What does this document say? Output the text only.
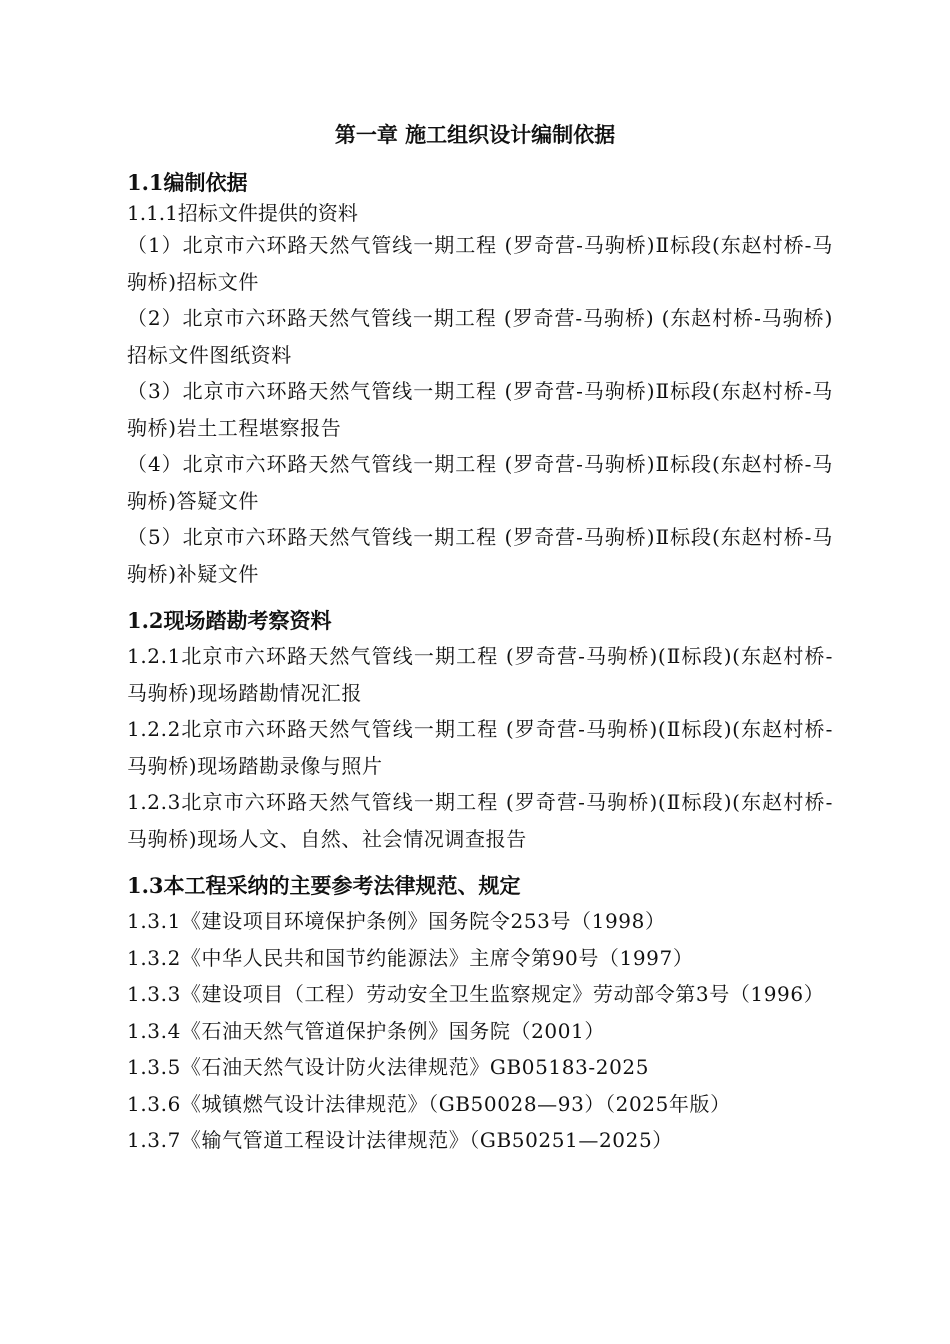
第一章 施工组织设计编制依据

1.1编制依据

1.1.1招标文件提供的资料

（1）北京市六环路天然气管线一期工程 (罗奇营-马驹桥)Ⅱ标段(东赵村桥-马驹桥)招标文件

（2）北京市六环路天然气管线一期工程 (罗奇营-马驹桥) (东赵村桥-马驹桥)招标文件图纸资料

（3）北京市六环路天然气管线一期工程 (罗奇营-马驹桥)Ⅱ标段(东赵村桥-马驹桥)岩土工程堪察报告

（4）北京市六环路天然气管线一期工程 (罗奇营-马驹桥)Ⅱ标段(东赵村桥-马驹桥)答疑文件

（5）北京市六环路天然气管线一期工程 (罗奇营-马驹桥)Ⅱ标段(东赵村桥-马驹桥)补疑文件

1.2现场踏勘考察资料

1.2.1北京市六环路天然气管线一期工程 (罗奇营-马驹桥)(Ⅱ标段)(东赵村桥-马驹桥)现场踏勘情况汇报

1.2.2北京市六环路天然气管线一期工程 (罗奇营-马驹桥)(Ⅱ标段)(东赵村桥-马驹桥)现场踏勘录像与照片

1.2.3北京市六环路天然气管线一期工程 (罗奇营-马驹桥)(Ⅱ标段)(东赵村桥-马驹桥)现场人文、自然、社会情况调查报告

1.3本工程采纳的主要参考法律规范、规定

1.3.1《建设项目环境保护条例》国务院令253号（1998）

1.3.2《中华人民共和国节约能源法》主席令第90号（1997）

1.3.3《建设项目（工程）劳动安全卫生监察规定》劳动部令第3号（1996）

1.3.4《石油天然气管道保护条例》国务院（2001）

1.3.5《石油天然气设计防火法律规范》GB05183-2025

1.3.6《城镇燃气设计法律规范》（GB50028—93）（2025年版）

1.3.7《输气管道工程设计法律规范》（GB50251—2025）
